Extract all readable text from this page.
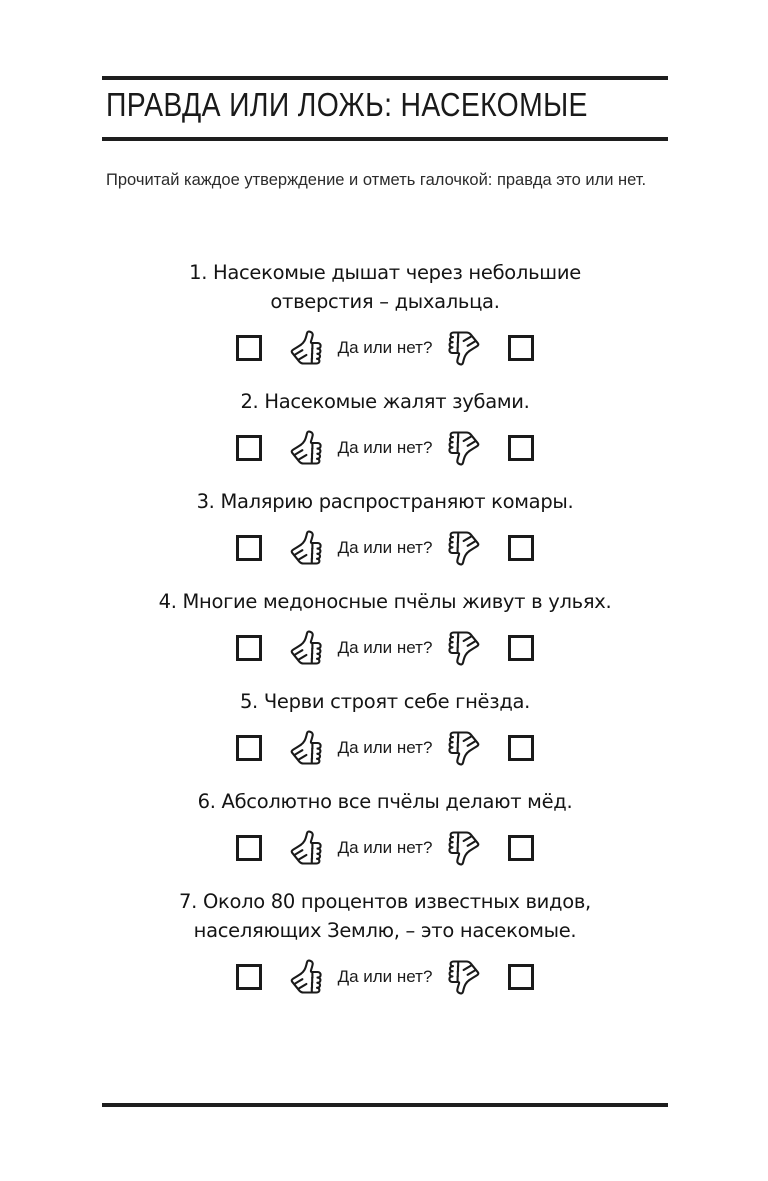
ПРАВДА ИЛИ ЛОЖЬ: НАСЕКОМЫЕ
Прочитай каждое утверждение и отметь галочкой: правда это или нет.
1. Насекомые дышат через небольшие
отверстия – дыхальца.
Да или нет?
2. Насекомые жалят зубами.
Да или нет?
3. Малярию распространяют комары.
Да или нет?
4. Многие медоносные пчёлы живут в ульях.
Да или нет?
5. Черви строят себе гнёзда.
Да или нет?
6. Абсолютно все пчёлы делают мёд.
Да или нет?
7. Около 80 процентов известных видов,
населяющих Землю, – это насекомые.
Да или нет?
